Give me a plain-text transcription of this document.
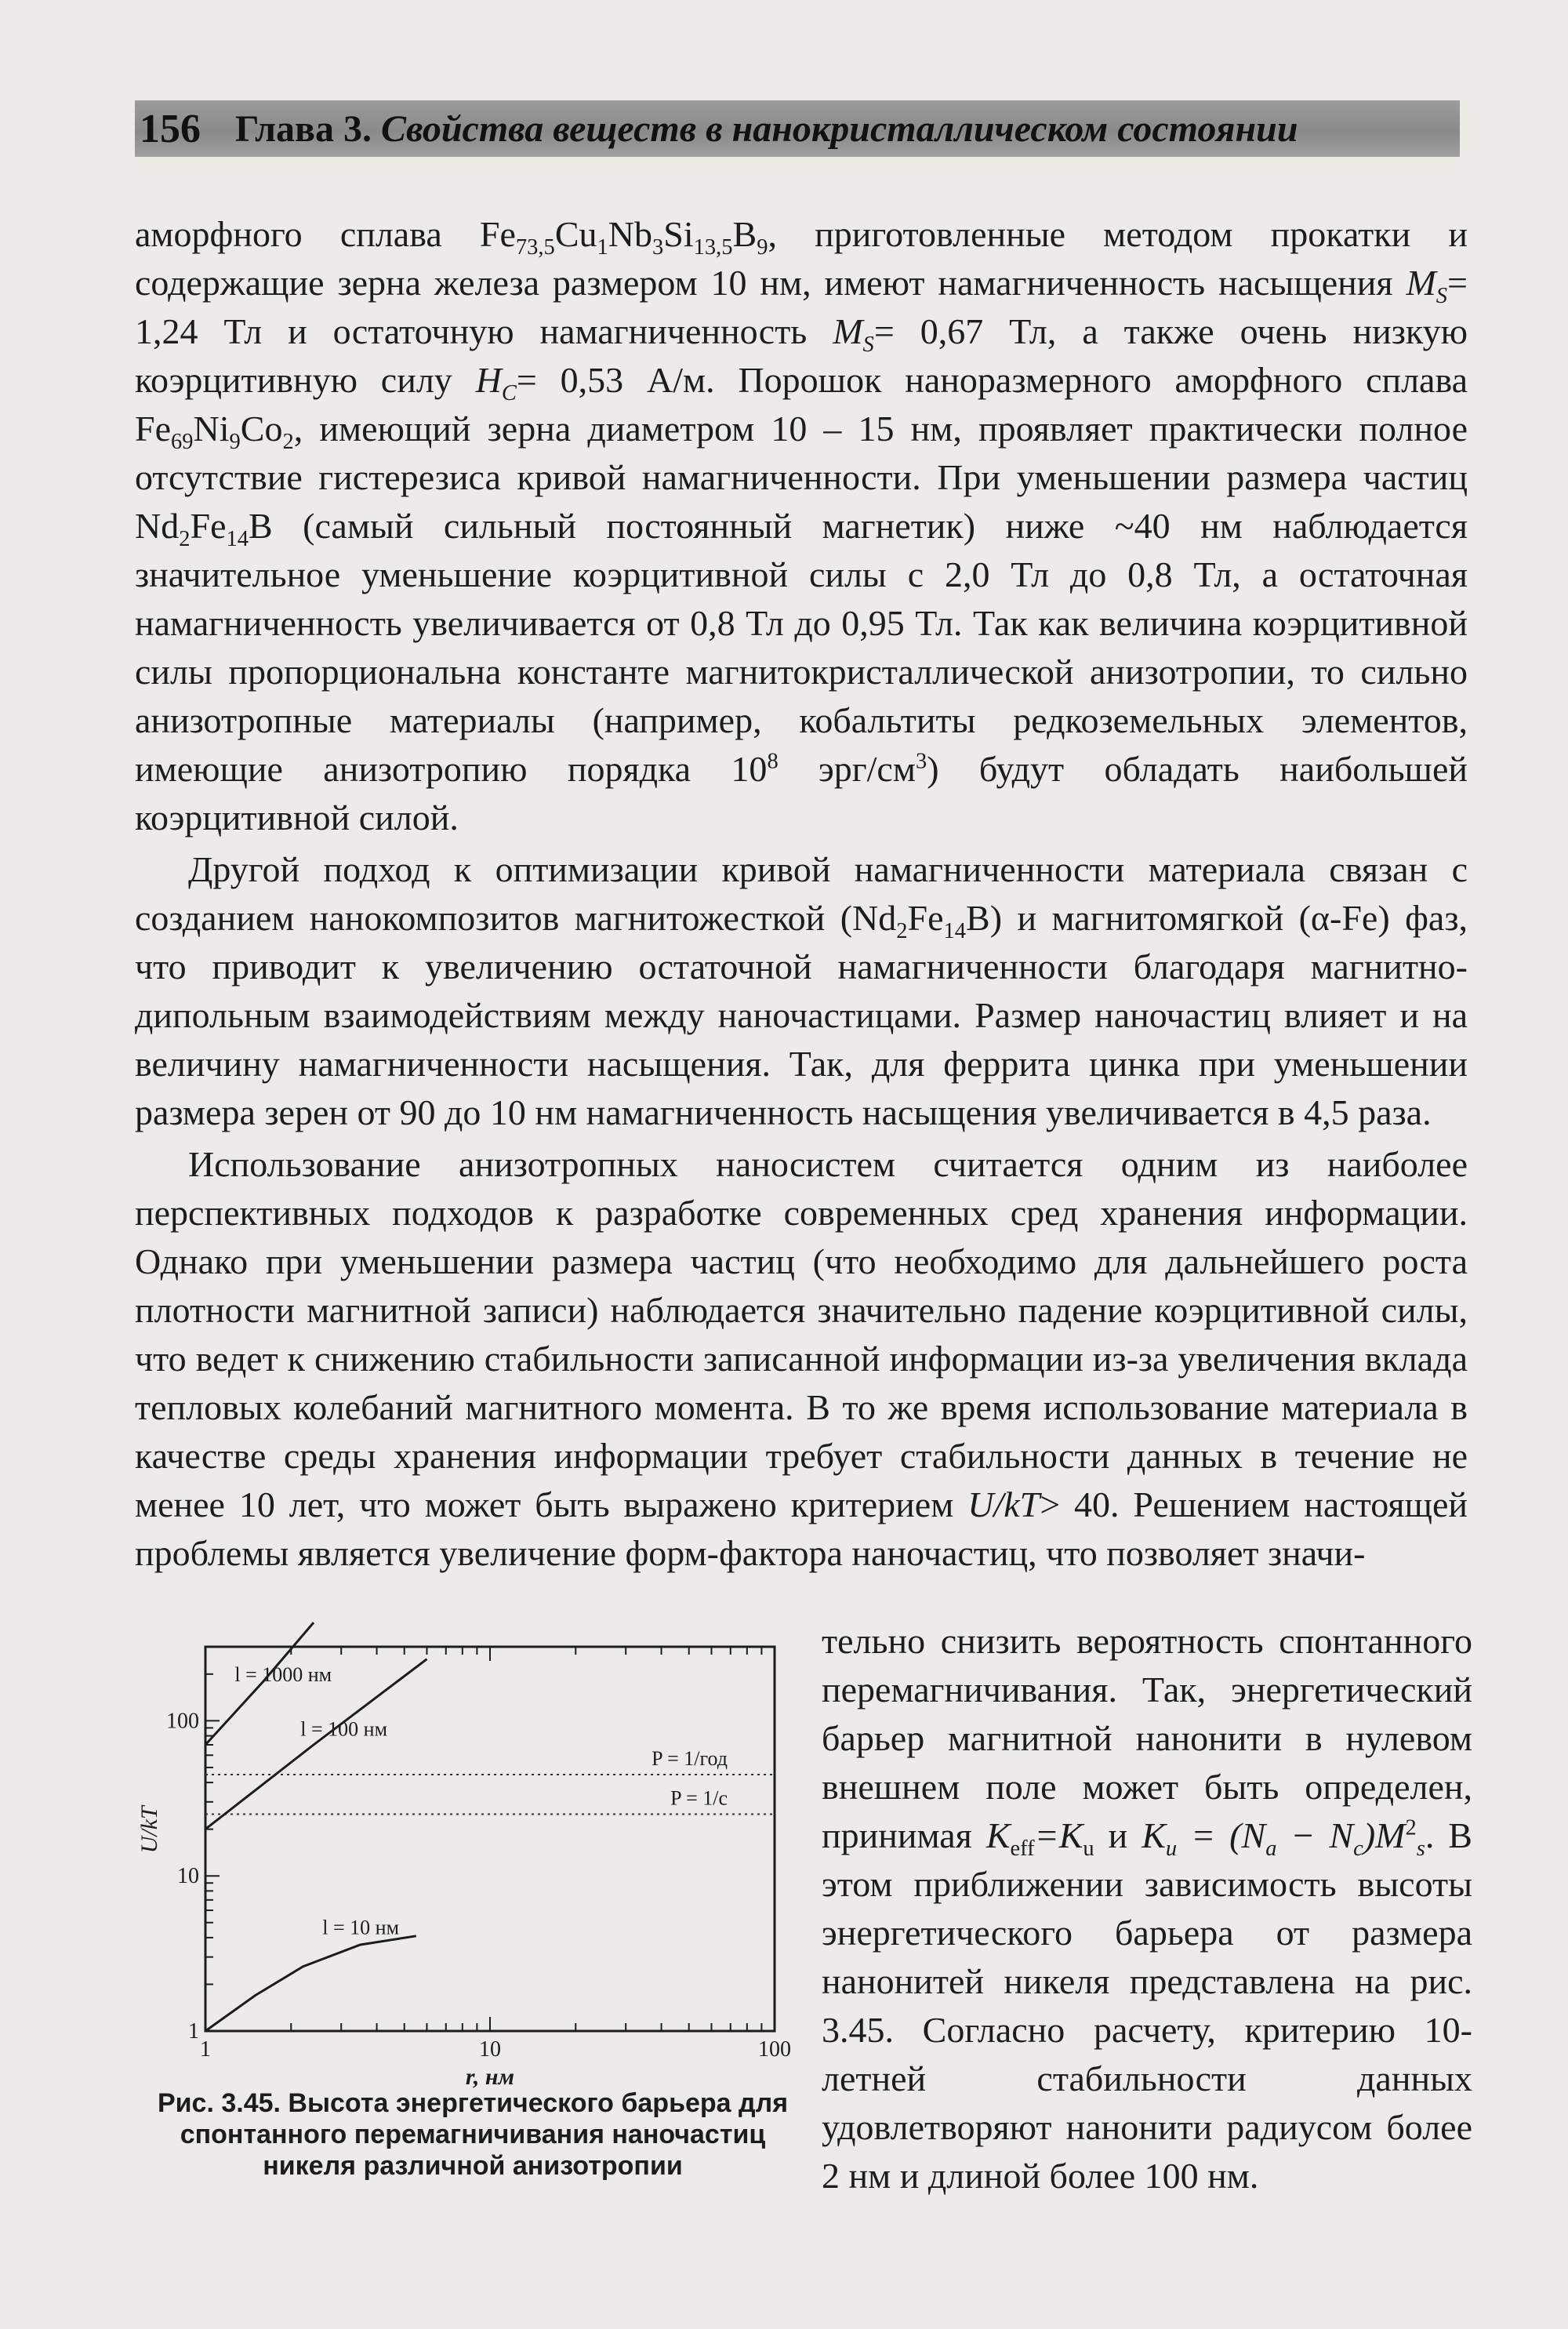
156 Глава 3. Свойства веществ в нанокристаллическом состоянии

аморфного сплава $Fe_{73,5}Cu_1Nb_3Si_{13,5}B_9$, приготовленные методом прокатки и содержащие зерна железа размером 10 нм, имеют намагниченность насыщения $M_S= 1,24$ Тл и остаточную намагниченность $M_S= 0,67$ Тл, а также очень низкую коэрцитивную силу $H_C= 0,53$ А/м. Порошок наноразмерного аморфного сплава $Fe_{69}Ni_9Co_2$, имеющий зерна диаметром 10 – 15 нм, проявляет практически полное отсутствие гистерезиса кривой намагниченности. При уменьшении размера частиц $Nd_2Fe_{14}B$ (самый сильный постоянный магнетик) ниже ~40 нм наблюдается значительное уменьшение коэрцитивной силы с 2,0 Тл до 0,8 Тл, а остаточная намагниченность увеличивается от 0,8 Тл до 0,95 Тл. Так как величина коэрцитивной силы пропорциональна константе магнитокристаллической анизотропии, то сильно анизотропные материалы (например, кобальтиты редкоземельных элементов, имеющие анизотропию порядка $10^8$ эрг/$см^3$) будут обладать наибольшей коэрцитивной силой.

Другой подход к оптимизации кривой намагниченности материала связан с созданием нанокомпозитов магнитожесткой $(Nd_2Fe_{14}B)$ и магнитомягкой (α-Fe) фаз, что приводит к увеличению остаточной намагниченности благодаря магнитно-дипольным взаимодействиям между наночастицами. Размер наночастиц влияет и на величину намагниченности насыщения. Так, для феррита цинка при уменьшении размера зерен от 90 до 10 нм намагниченность насыщения увеличивается в 4,5 раза.

Использование анизотропных наносистем считается одним из наиболее перспективных подходов к разработке современных сред хранения информации. Однако при уменьшении размера частиц (что необходимо для дальнейшего роста плотности магнитной записи) наблюдается значительно падение коэрцитивной силы, что ведет к снижению стабильности записанной информации из-за увеличения вклада тепловых колебаний магнитного момента. В то же время использование материала в качестве среды хранения информации требует стабильности данных в течение не менее 10 лет, что может быть выражено критерием U/kT> 40. Решением настоящей проблемы является увеличение форм-фактора наночастиц, что позволяет значи-

1	10	100
1
10
100
r, нм
U/kT
P = 1/год
P = 1/c
l = 1000 нм
l = 100 нм
l = 10 нм
Рис. 3.45. Высота энергетического барьера для спонтанного перемагничивания наночастиц никеля различной анизотропии

тельно снизить вероятность спонтанного перемагничивания. Так, энергетический барьер магнитной нанонити в нулевом внешнем поле может быть определен, принимая $K_{eff}=K_u$ и $K_u = (N_a - N_c)M^2_s$. В этом приближении зависимость высоты энергетического барьера от размера нанонитей никеля представлена на рис. 3.45. Согласно расчету, критерию 10-летней стабильности данных удовлетворяют нанонити радиусом более 2 нм и длиной более 100 нм.
